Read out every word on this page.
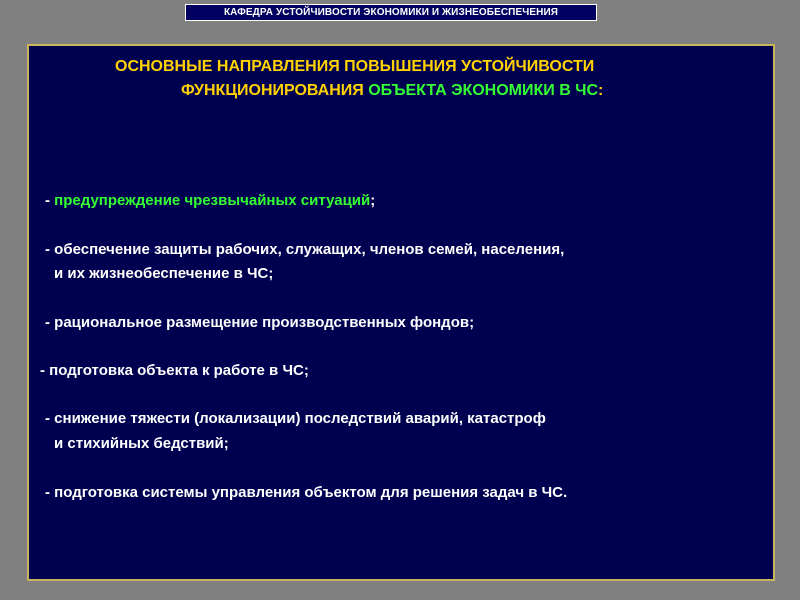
КАФЕДРА УСТОЙЧИВОСТИ ЭКОНОМИКИ И ЖИЗНЕОБЕСПЕЧЕНИЯ
ОСНОВНЫЕ НАПРАВЛЕНИЯ ПОВЫШЕНИЯ УСТОЙЧИВОСТИ
ФУНКЦИОНИРОВАНИЯ ОБЪЕКТА ЭКОНОМИКИ В ЧС:
- предупреждение чрезвычайных ситуаций;
- обеспечение защиты рабочих, служащих, членов семей, населения,
и их жизнеобеспечение в ЧС;
- рациональное размещение производственных фондов;
- подготовка объекта к работе в ЧС;
- снижение тяжести (локализации) последствий аварий, катастроф
и стихийных бедствий;
- подготовка системы управления объектом для решения задач в ЧС.
